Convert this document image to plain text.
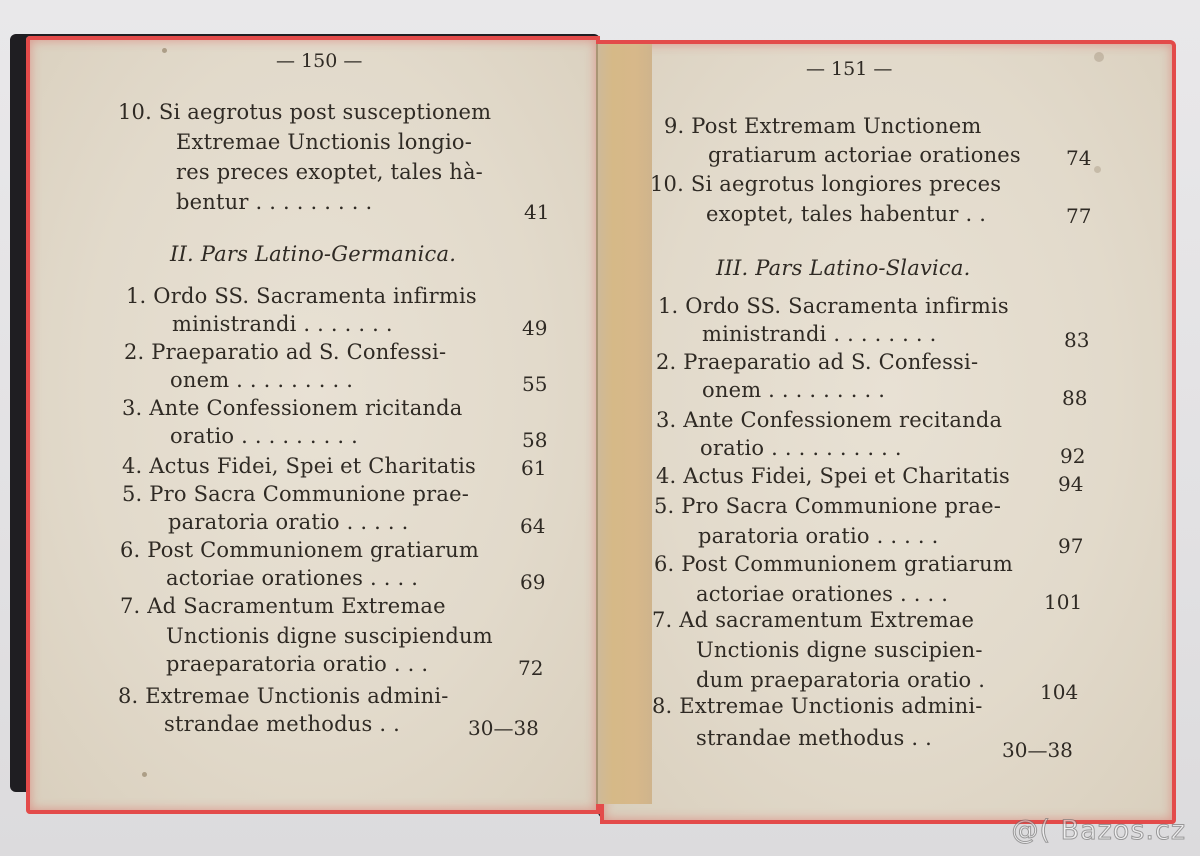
— 150 —
10. Si aegrotus post susceptionem
Extremae Unctionis longio-
res preces exoptet, tales hà-
bentur . . . . . . . . .	41
II. Pars Latino-Germanica.
1. Ordo SS. Sacramenta infirmis
ministrandi . . . . . . .	49
2. Praeparatio ad S. Confessi-
onem . . . . . . . . .	55
3. Ante Confessionem ricitanda
oratio . . . . . . . . .	58
4. Actus Fidei, Spei et Charitatis 61
5. Pro Sacra Communione prae-
paratoria oratio . . . . .	64
6. Post Communionem gratiarum
actoriae orationes . . . .	69
7. Ad Sacramentum Extremae
Unctionis digne suscipiendum
praeparatoria oratio . . .	72
8. Extremae Unctionis admini-
strandae methodus . .	30—38
— 151 —
9. Post Extremam Unctionem
gratiarum actoriae orationes 74
10. Si aegrotus longiores preces
exoptet, tales habentur . .	77
III. Pars Latino-Slavica.
1. Ordo SS. Sacramenta infirmis
ministrandi . . . . . . . .	83
2. Praeparatio ad S. Confessi-
onem . . . . . . . . .	88
3. Ante Confessionem recitanda
oratio . . . . . . . . . .	92
4. Actus Fidei, Spei et Charitatis 94
5. Pro Sacra Communione prae-
paratoria oratio . . . . .	97
6. Post Communionem gratiarum
actoriae orationes . . . .	101
7. Ad sacramentum Extremae
Unctionis digne suscipien-
dum praeparatoria oratio .	104
8. Extremae Unctionis admini-
strandae methodus . .	30—38
@( Bazos.cz
